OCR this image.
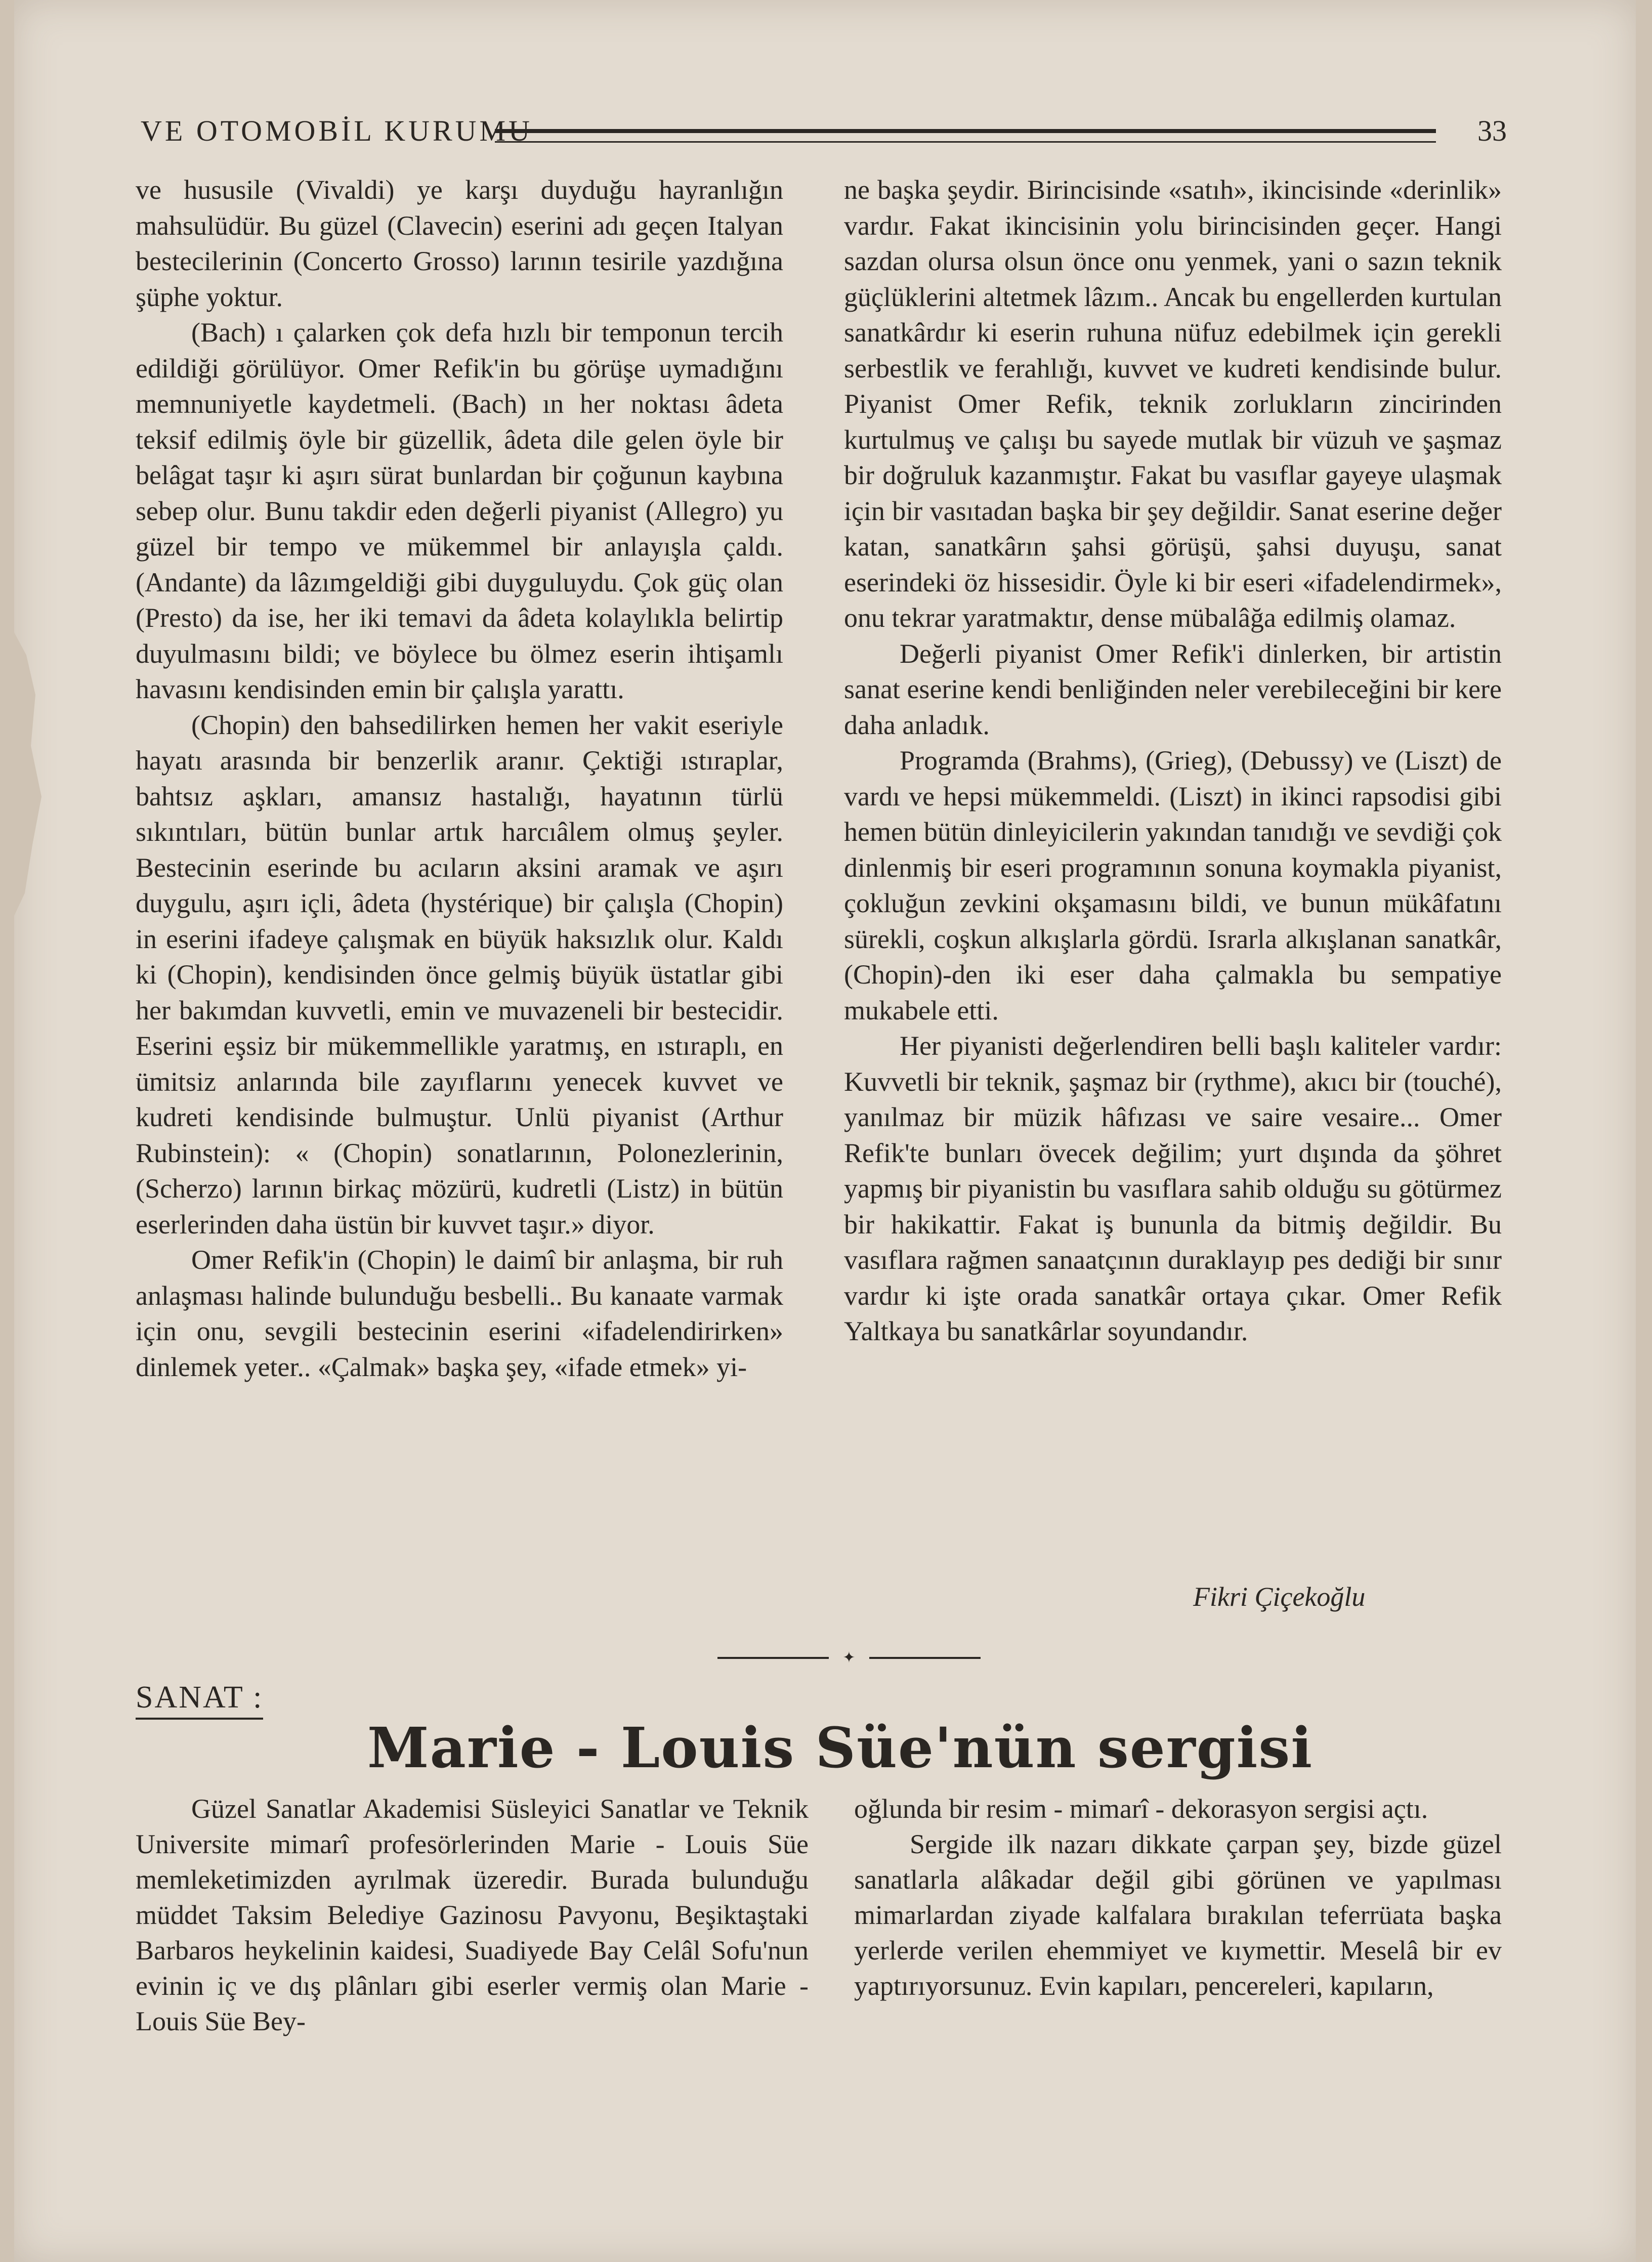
VE OTOMOBİL KURUMU	33

ve hususile (Vivaldi) ye karşı duyduğu hayranlığın mahsulüdür. Bu güzel (Clavecin) eserini adı geçen Italyan bestecilerinin (Concerto Grosso) larının tesirile yazdığına şüphe yoktur.

(Bach) ı çalarken çok defa hızlı bir temponun tercih edildiği görülüyor. Omer Refik'in bu görüşe uymadığını memnuniyetle kaydetmeli. (Bach) ın her noktası âdeta teksif edilmiş öyle bir güzellik, âdeta dile gelen öyle bir belâgat taşır ki aşırı sürat bunlardan bir çoğunun kaybına sebep olur. Bunu takdir eden değerli piyanist (Allegro) yu güzel bir tempo ve mükemmel bir anlayışla çaldı. (Andante) da lâzımgeldiği gibi duyguluydu. Çok güç olan (Presto) da ise, her iki temavi da âdeta kolaylıkla belirtip duyulmasını bildi; ve böylece bu ölmez eserin ihtişamlı havasını kendisinden emin bir çalışla yarattı.

(Chopin) den bahsedilirken hemen her vakit eseriyle hayatı arasında bir benzerlik aranır. Çektiği ıstıraplar, bahtsız aşkları, amansız hastalığı, hayatının türlü sıkıntıları, bütün bunlar artık harcıâlem olmuş şeyler. Bestecinin eserinde bu acıların aksini aramak ve aşırı duygulu, aşırı içli, âdeta (hystérique) bir çalışla (Chopin) in eserini ifadeye çalışmak en büyük haksızlık olur. Kaldı ki (Chopin), kendisinden önce gelmiş büyük üstatlar gibi her bakımdan kuvvetli, emin ve muvazeneli bir bestecidir. Eserini eşsiz bir mükemmellikle yaratmış, en ıstıraplı, en ümitsiz anlarında bile zayıflarını yenecek kuvvet ve kudreti kendisinde bulmuştur. Unlü piyanist (Arthur Rubinstein): « (Chopin) sonatlarının, Polonezlerinin, (Scherzo) larının birkaç mözürü, kudretli (Listz) in bütün eserlerinden daha üstün bir kuvvet taşır.» diyor.

Omer Refik'in (Chopin) le daimî bir anlaşma, bir ruh anlaşması halinde bulunduğu besbelli.. Bu kanaate varmak için onu, sevgili bestecinin eserini «ifadelendirirken» dinlemek yeter.. «Çalmak» başka şey, «ifade etmek» yi-

ne başka şeydir. Birincisinde «satıh», ikincisinde «derinlik» vardır. Fakat ikincisinin yolu birincisinden geçer. Hangi sazdan olursa olsun önce onu yenmek, yani o sazın teknik güçlüklerini altetmek lâzım.. Ancak bu engellerden kurtulan sanatkârdır ki eserin ruhuna nüfuz edebilmek için gerekli serbestlik ve ferahlığı, kuvvet ve kudreti kendisinde bulur. Piyanist Omer Refik, teknik zorlukların zincirinden kurtulmuş ve çalışı bu sayede mutlak bir vüzuh ve şaşmaz bir doğruluk kazanmıştır. Fakat bu vasıflar gayeye ulaşmak için bir vasıtadan başka bir şey değildir. Sanat eserine değer katan, sanatkârın şahsi görüşü, şahsi duyuşu, sanat eserindeki öz hissesidir. Öyle ki bir eseri «ifadelendirmek», onu tekrar yaratmaktır, dense mübalâğa edilmiş olamaz.

Değerli piyanist Omer Refik'i dinlerken, bir artistin sanat eserine kendi benliğinden neler verebileceğini bir kere daha anladık.

Programda (Brahms), (Grieg), (Debussy) ve (Liszt) de vardı ve hepsi mükemmeldi. (Liszt) in ikinci rapsodisi gibi hemen bütün dinleyicilerin yakından tanıdığı ve sevdiği çok dinlenmiş bir eseri programının sonuna koymakla piyanist, çokluğun zevkini okşamasını bildi, ve bunun mükâfatını sürekli, coşkun alkışlarla gördü. Israrla alkışlanan sanatkâr, (Chopin)-den iki eser daha çalmakla bu sempatiye mukabele etti.

Her piyanisti değerlendiren belli başlı kaliteler vardır: Kuvvetli bir teknik, şaşmaz bir (rythme), akıcı bir (touché), yanılmaz bir müzik hâfızası ve saire vesaire... Omer Refik'te bunları övecek değilim; yurt dışında da şöhret yapmış bir piyanistin bu vasıflara sahib olduğu su götürmez bir hakikattir. Fakat iş bununla da bitmiş değildir. Bu vasıflara rağmen sanaatçının duraklayıp pes dediği bir sınır vardır ki işte orada sanatkâr ortaya çıkar. Omer Refik Yaltkaya bu sanatkârlar soyundandır.

Fikri Çiçekoğlu
✦
SANAT :
Marie - Louis Süe'nün sergisi

Güzel Sanatlar Akademisi Süsleyici Sanatlar ve Teknik Universite mimarî profesörlerinden Marie - Louis Süe memleketimizden ayrılmak üzeredir. Burada bulunduğu müddet Taksim Belediye Gazinosu Pavyonu, Beşiktaştaki Barbaros heykelinin kaidesi, Suadiyede Bay Celâl Sofu'nun evinin iç ve dış plânları gibi eserler vermiş olan Marie - Louis Süe Bey-

oğlunda bir resim - mimarî - dekorasyon sergisi açtı.

Sergide ilk nazarı dikkate çarpan şey, bizde güzel sanatlarla alâkadar değil gibi görünen ve yapılması mimarlardan ziyade kalfalara bırakılan teferrüata başka yerlerde verilen ehemmiyet ve kıymettir. Meselâ bir ev yaptırıyorsunuz. Evin kapıları, pencereleri, kapıların,
